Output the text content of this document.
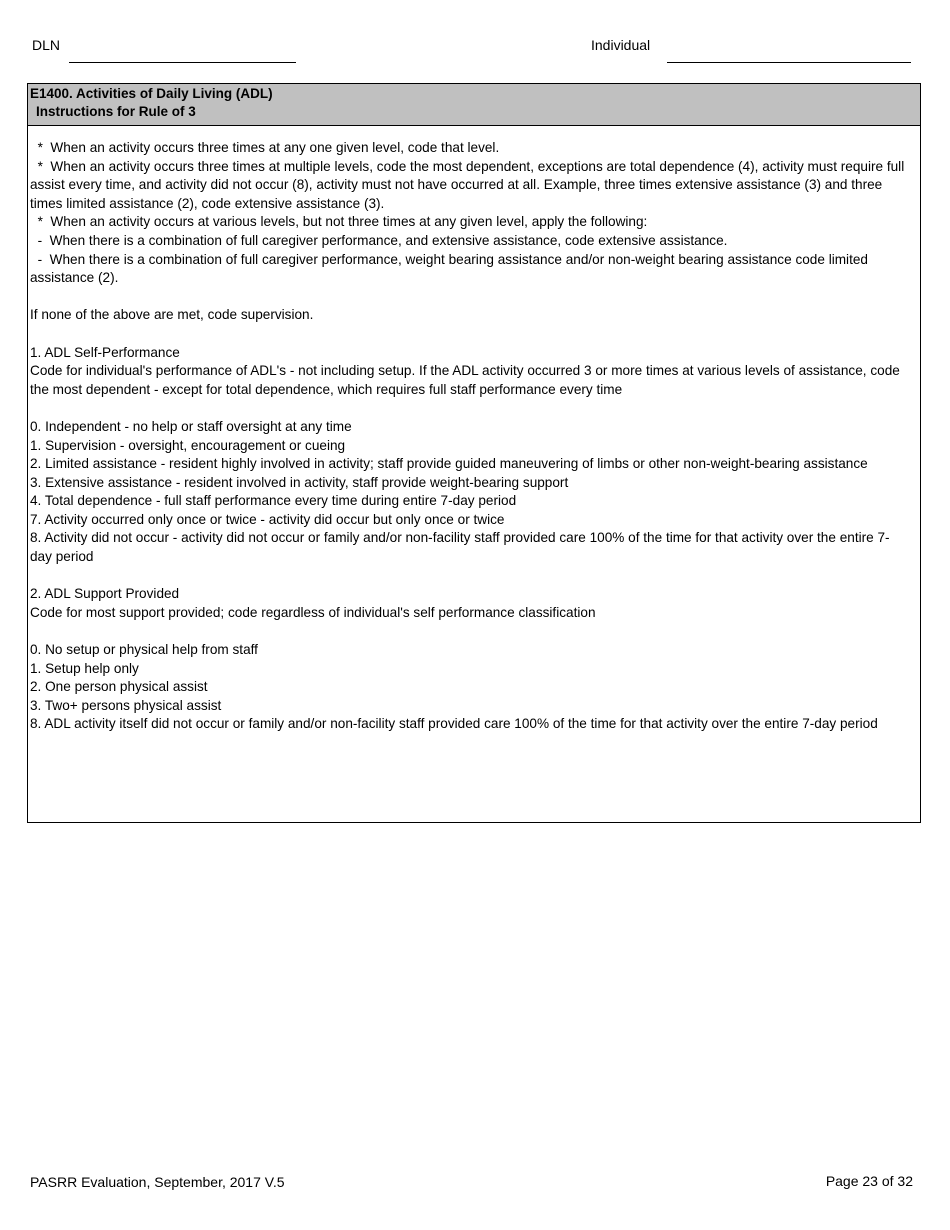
DLN	Individual
E1400. Activities of Daily Living (ADL)
Instructions for Rule of 3
*  When an activity occurs three times at any one given level, code that level.
*  When an activity occurs three times at multiple levels, code the most dependent, exceptions are total dependence (4), activity must require full assist every time, and activity did not occur (8), activity must not have occurred at all. Example, three times extensive assistance (3) and three times limited assistance (2), code extensive assistance (3).
*  When an activity occurs at various levels, but not three times at any given level, apply the following:
-  When there is a combination of full caregiver performance, and extensive assistance, code extensive assistance.
-  When there is a combination of full caregiver performance, weight bearing assistance and/or non-weight bearing assistance code limited assistance (2).
If none of the above are met, code supervision.
1. ADL Self-Performance
Code for individual's performance of ADL's - not including setup. If the ADL activity occurred 3 or more times at various levels of assistance, code the most dependent - except for total dependence, which requires full staff performance every time
0. Independent - no help or staff oversight at any time
1. Supervision - oversight, encouragement or cueing
2. Limited assistance - resident highly involved in activity; staff provide guided maneuvering of limbs or other non-weight-bearing assistance
3. Extensive assistance - resident involved in activity, staff provide weight-bearing support
4. Total dependence - full staff performance every time during entire 7-day period
7. Activity occurred only once or twice - activity did occur but only once or twice
8. Activity did not occur - activity did not occur or family and/or non-facility staff provided care 100% of the time for that activity over the entire 7-day period
2. ADL Support Provided
Code for most support provided; code regardless of individual's self performance classification
0. No setup or physical help from staff
1. Setup help only
2. One person physical assist
3. Two+ persons physical assist
8. ADL activity itself did not occur or family and/or non-facility staff provided care 100% of the time for that activity over the entire 7-day period
PASRR Evaluation, September, 2017 V.5	Page 23 of 32
